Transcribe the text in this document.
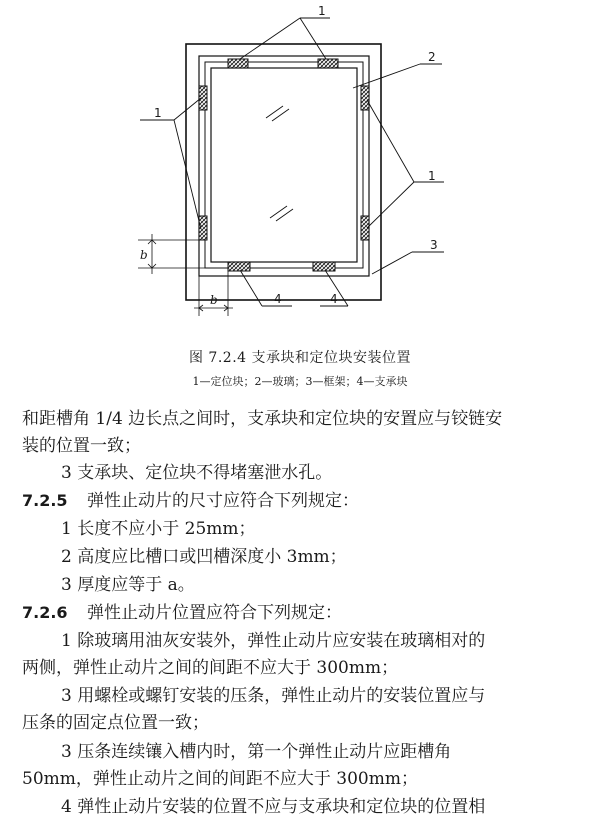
1
1
1
2
3
4	4
b
b
图 7.2.4 支承块和定位块安装位置
1—定位块；2—玻璃；3—框架；4—支承块
和距槽角 1/4 边长点之间时，支承块和定位块的安置应与铰链安
装的位置一致；
3 支承块、定位块不得堵塞泄水孔。
7.2.5 弹性止动片的尺寸应符合下列规定：
1 长度不应小于 25mm；
2 高度应比槽口或凹槽深度小 3mm；
3 厚度应等于 a。
7.2.6 弹性止动片位置应符合下列规定：
1 除玻璃用油灰安装外，弹性止动片应安装在玻璃相对的
两侧，弹性止动片之间的间距不应大于 300mm；
3 用螺栓或螺钉安装的压条，弹性止动片的安装位置应与
压条的固定点位置一致；
3 压条连续镶入槽内时，第一个弹性止动片应距槽角
50mm，弹性止动片之间的间距不应大于 300mm；
4 弹性止动片安装的位置不应与支承块和定位块的位置相
